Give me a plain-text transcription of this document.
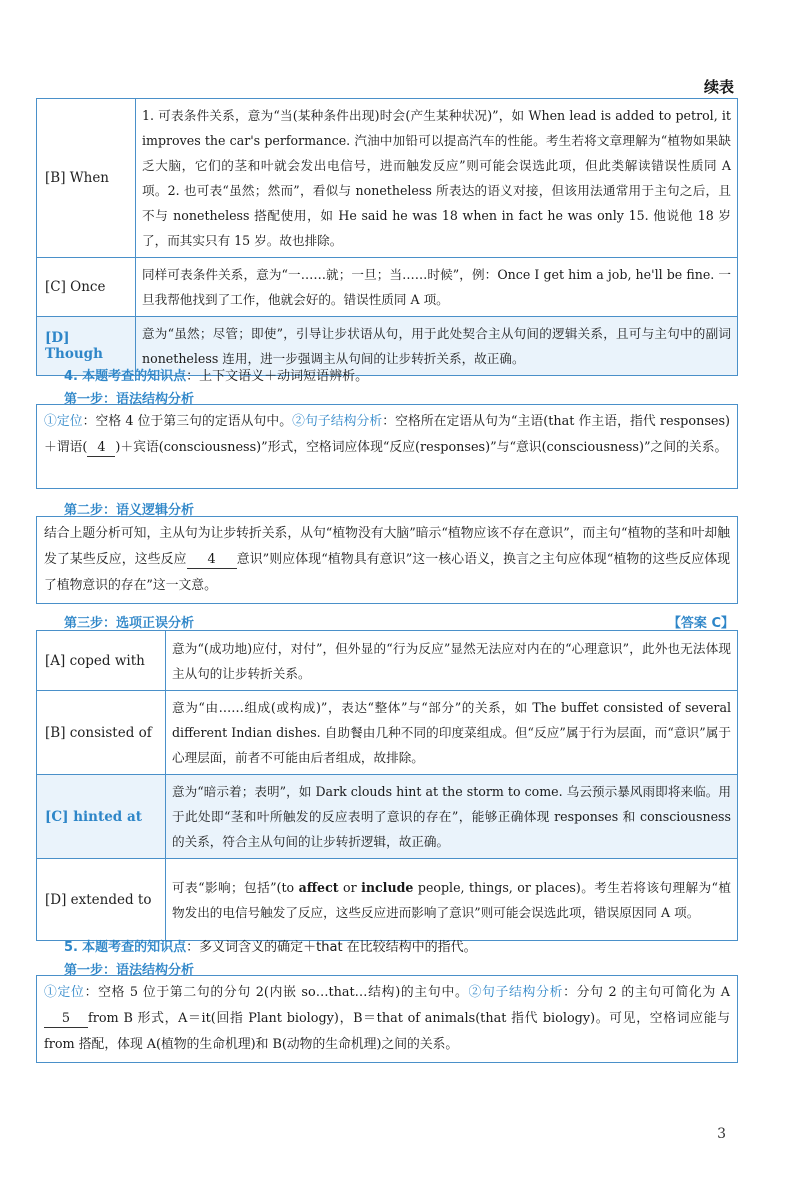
续表
[B] When	1. 可表条件关系，意为“当(某种条件出现)时会(产生某种状况)”，如 When lead is added to petrol, it improves the car's performance. 汽油中加铅可以提高汽车的性能。考生若将文章理解为“植物如果缺乏大脑，它们的茎和叶就会发出电信号，进而触发反应”则可能会误选此项，但此类解读错误性质同 A 项。2. 也可表“虽然；然而”，看似与 nonetheless 所表达的语义对接，但该用法通常用于主句之后，且不与 nonetheless 搭配使用，如 He said he was 18 when in fact he was only 15. 他说他 18 岁了，而其实只有 15 岁。故也排除。
[C] Once	同样可表条件关系，意为“一……就；一旦；当……时候”，例：Once I get him a job, he'll be fine. 一旦我帮他找到了工作，他就会好的。错误性质同 A 项。
[D] Though	意为“虽然；尽管；即使”，引导让步状语从句，用于此处契合主从句间的逻辑关系，且可与主句中的副词 nonetheless 连用，进一步强调主从句间的让步转折关系，故正确。
4. 本题考查的知识点：上下文语义＋动词短语辨析。
第一步：语法结构分析
①定位：空格 4 位于第三句的定语从句中。②句子结构分析：空格所在定语从句为“主语(that 作主语，指代 responses)＋谓语( 4 )＋宾语(consciousness)”形式，空格词应体现“反应(responses)”与“意识(consciousness)”之间的关系。
第二步：语义逻辑分析
结合上题分析可知，主从句为让步转折关系，从句“植物没有大脑”暗示“植物应该不存在意识”，而主句“植物的茎和叶却触发了某些反应，这些反应 4 意识”则应体现“植物具有意识”这一核心语义，换言之主句应体现“植物的这些反应体现了植物意识的存在”这一文意。
第三步：选项正误分析	【答案 C】
[A] coped with	意为“(成功地)应付，对付”，但外显的“行为反应”显然无法应对内在的“心理意识”，此外也无法体现主从句的让步转折关系。
[B] consisted of	意为“由……组成(或构成)”，表达“整体”与“部分”的关系，如 The buffet consisted of several different Indian dishes. 自助餐由几种不同的印度菜组成。但“反应”属于行为层面，而“意识”属于心理层面，前者不可能由后者组成，故排除。
[C] hinted at	意为“暗示着；表明”，如 Dark clouds hint at the storm to come. 乌云预示暴风雨即将来临。用于此处即“茎和叶所触发的反应表明了意识的存在”，能够正确体现 responses 和 consciousness 的关系，符合主从句间的让步转折逻辑，故正确。
[D] extended to	可表“影响；包括”(to affect or include people, things, or places)。考生若将该句理解为“植物发出的电信号触发了反应，这些反应进而影响了意识”则可能会误选此项，错误原因同 A 项。
5. 本题考查的知识点：多义词含义的确定＋that 在比较结构中的指代。
第一步：语法结构分析
①定位：空格 5 位于第二句的分句 2(内嵌 so…that…结构)的主句中。②句子结构分析：分句 2 的主句可简化为 A5 from B 形式，A＝it(回指 Plant biology)，B＝that of animals(that 指代 biology)。可见，空格词应能与 from 搭配，体现 A(植物的生命机理)和 B(动物的生命机理)之间的关系。
3
